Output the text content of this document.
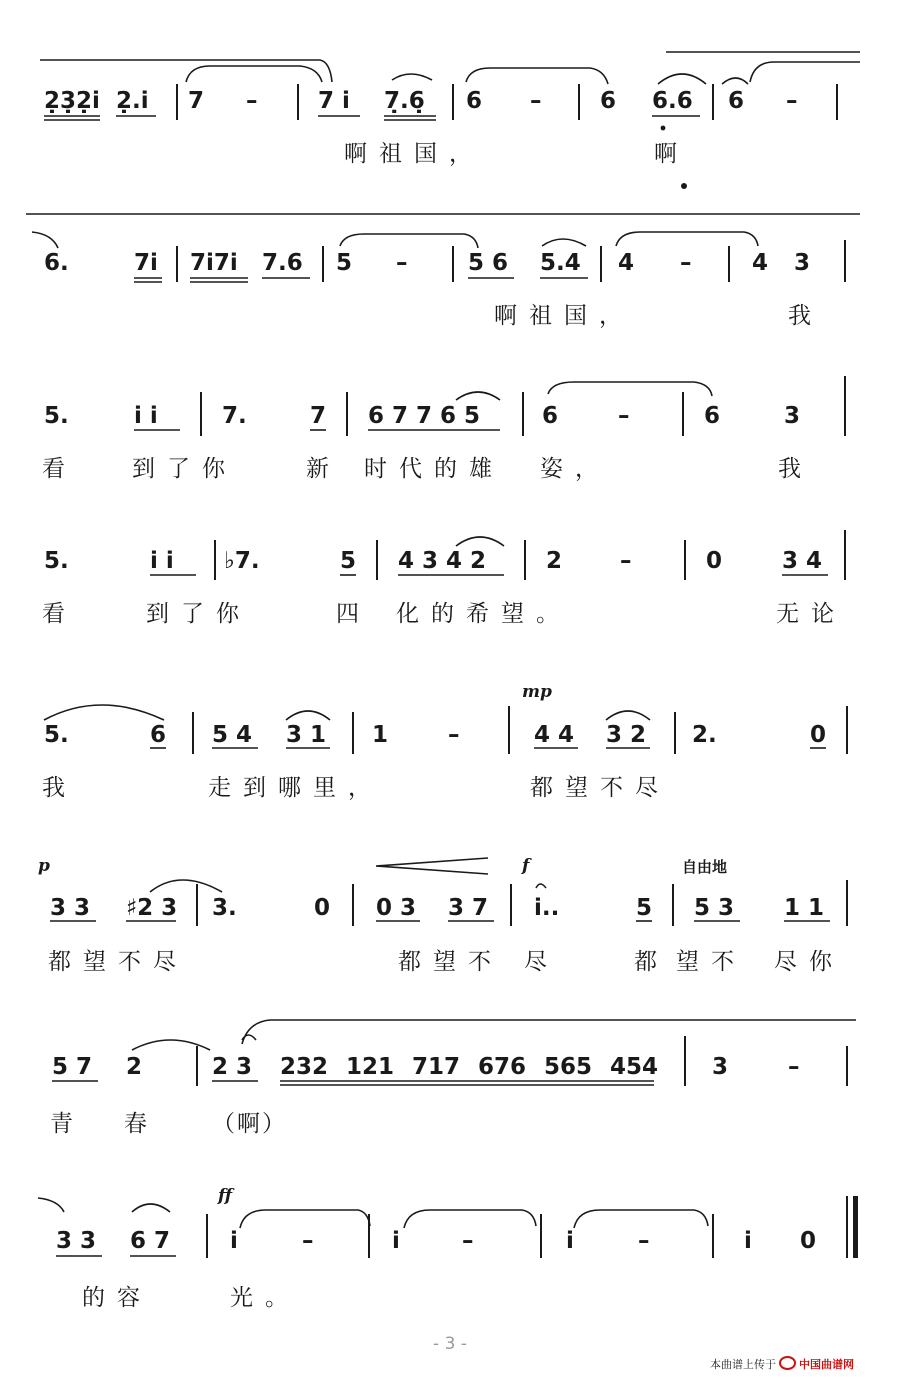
2̣3̣2̣i 2̣.i 7 –	7 i 7̣.6̣ 6 –	6 6.6 6 –
啊祖国，	啊
6.	7i 7i7i 7.6 5 –	5 6 5.4 4 –	4 3
啊祖国，	我
5.	i i	7.	7 6 7 7 6 5	6	–	6	3
看 到了你	新 时代的雄 姿，	我
5.	i i ♭7.	5 4 3 4 2	2	–	0	3 4
看	到了你	四 化的希望。	无论
mp
5.	6 5 4 3 1 1	–	4 4 3 2 2.	0
我	走到哪里，	都望不尽
p	f	自由地
3 3 ♯2 3 3.	0 0 3 3 7 i..	5 5 3 1 1
都望不尽	都望不 尽	都 望不 尽你
5 7 2	2 3 232 121 717 676 565 454 3	–
青 春 （啊）
ff
3 3 6 7	i	–	i	–	i	–	i 0
的容	光。
- 3 -
本曲谱上传于 中国曲谱网
